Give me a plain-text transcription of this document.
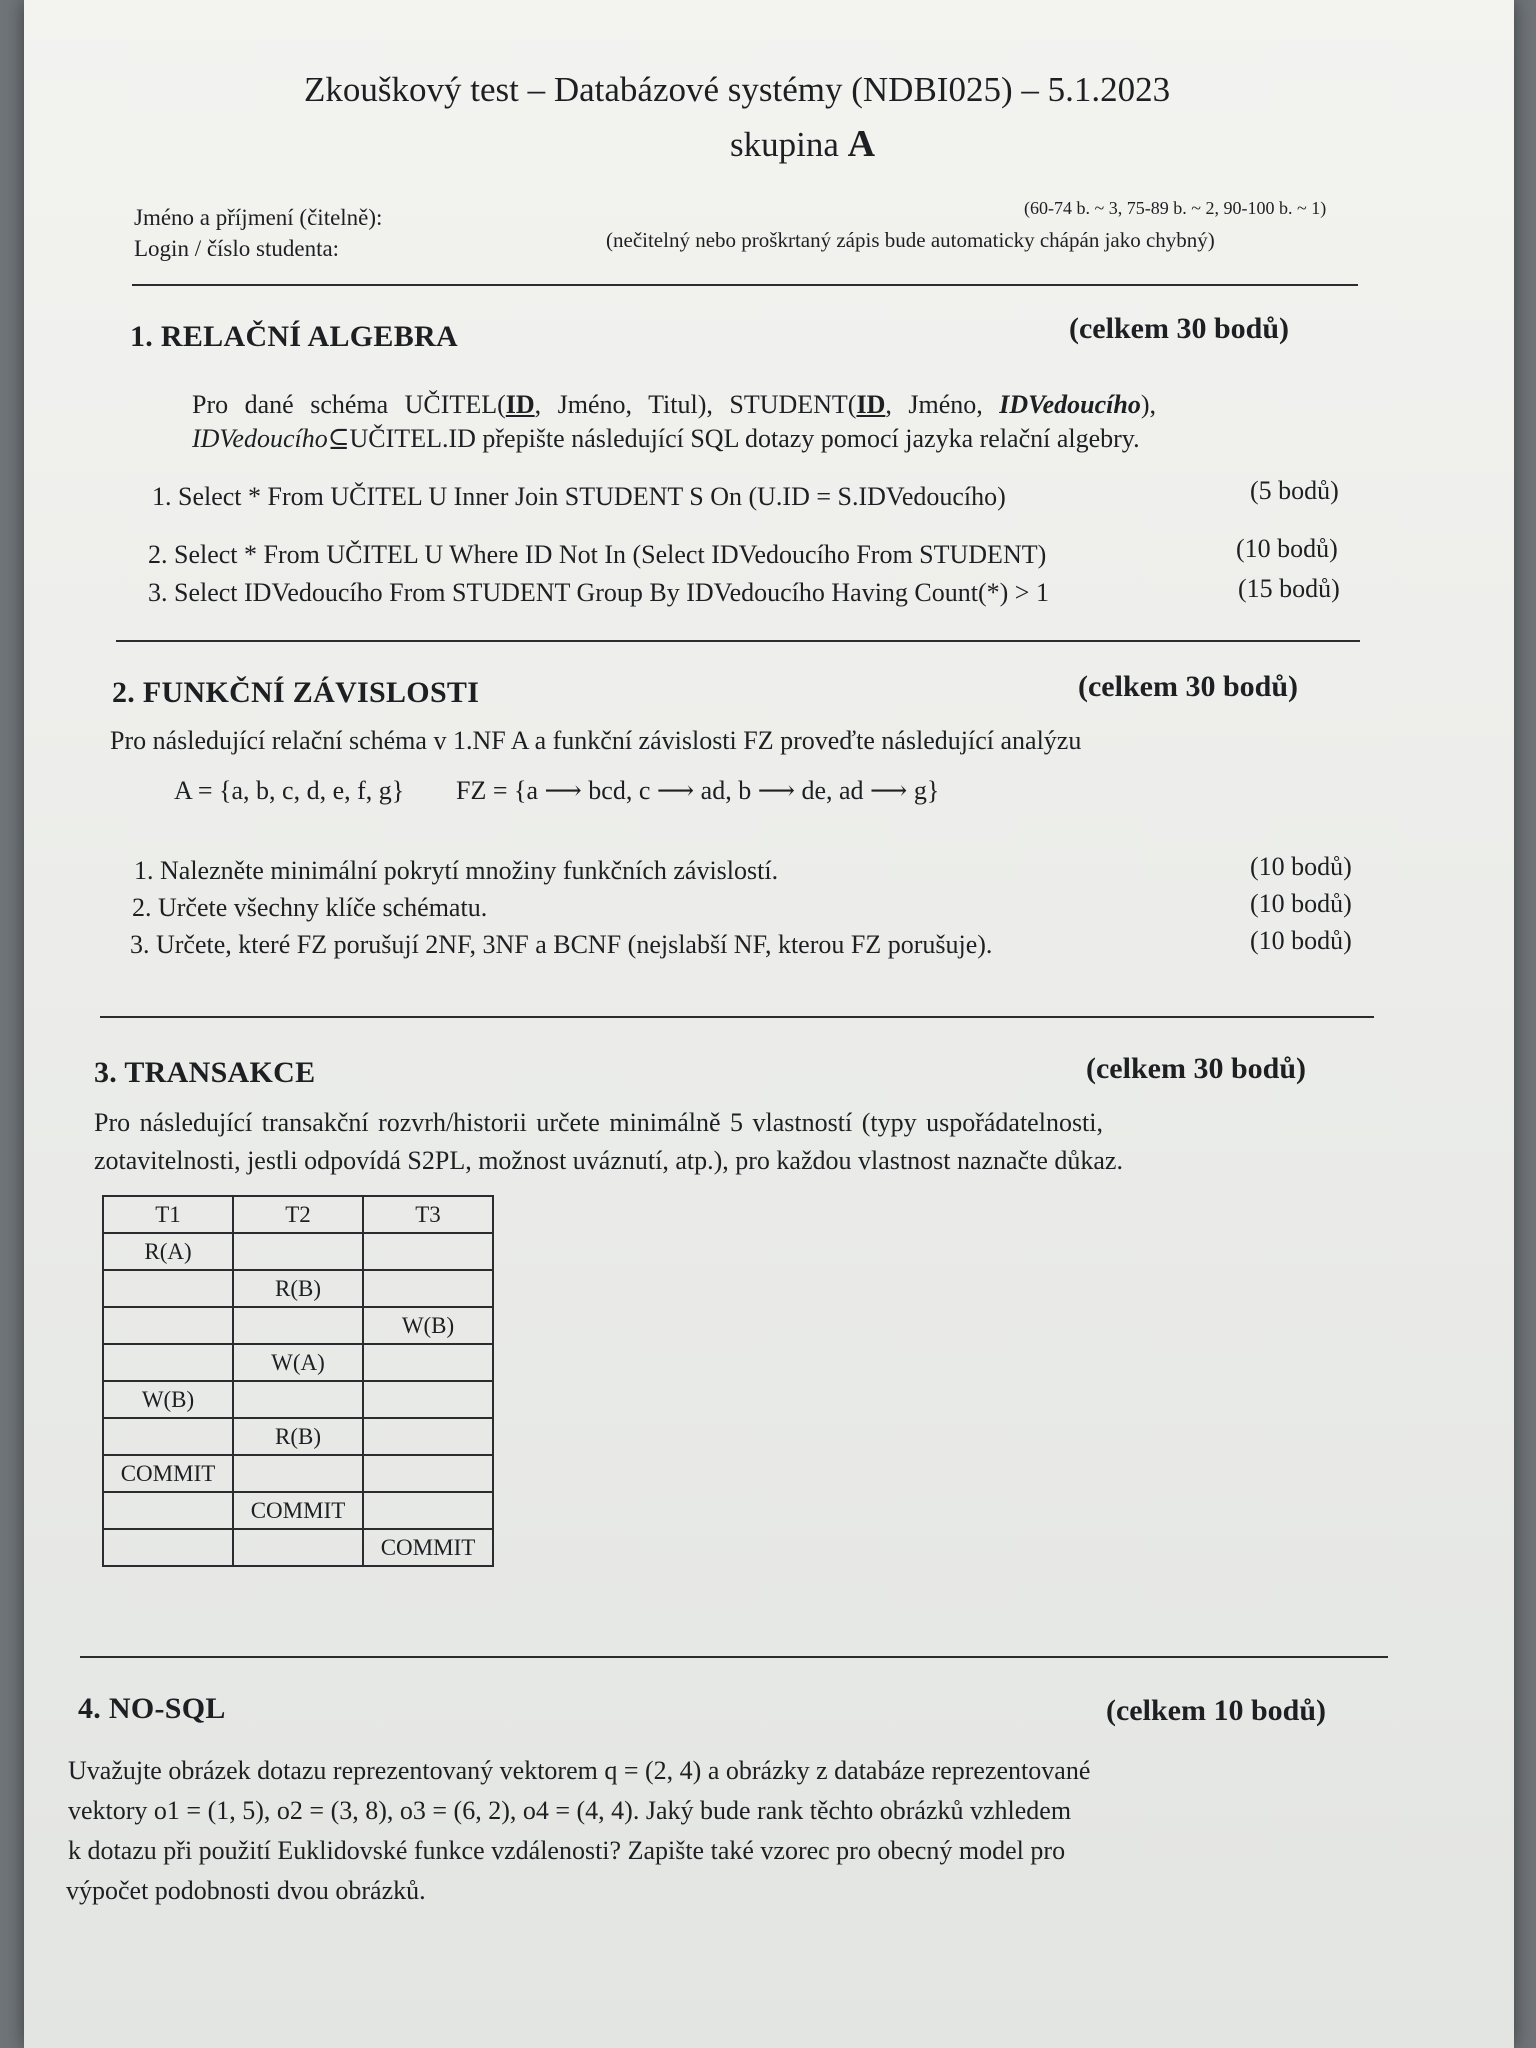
Zkouškový test – Databázové systémy (NDBI025) – 5.1.2023
skupina A
Jméno a příjmení (čitelně):
Login / číslo studenta:
(60-74 b. ~ 3, 75-89 b. ~ 2, 90-100 b. ~ 1)
(nečitelný nebo proškrtaný zápis bude automaticky chápán jako chybný)
1. RELAČNÍ ALGEBRA	(celkem 30 bodů)
Pro dané schéma UČITEL(ID, Jméno, Titul), STUDENT(ID, Jméno, IDVedoucího),
IDVedoucího⊆UČITEL.ID přepište následující SQL dotazy pomocí jazyka relační algebry.
1. Select * From UČITEL U Inner Join STUDENT S On (U.ID = S.IDVedoucího)	(5 bodů)
2. Select * From UČITEL U Where ID Not In (Select IDVedoucího From STUDENT)	(10 bodů)
3. Select IDVedoucího From STUDENT Group By IDVedoucího Having Count(*) > 1	(15 bodů)
2. FUNKČNÍ ZÁVISLOSTI	(celkem 30 bodů)
Pro následující relační schéma v 1.NF A a funkční závislosti FZ proveďte následující analýzu
A = {a, b, c, d, e, f, g} FZ = {a ⟶ bcd, c ⟶ ad, b ⟶ de, ad ⟶ g}
1. Nalezněte minimální pokrytí množiny funkčních závislostí.	(10 bodů)
2. Určete všechny klíče schématu.	(10 bodů)
3. Určete, které FZ porušují 2NF, 3NF a BCNF (nejslabší NF, kterou FZ porušuje).	(10 bodů)
3. TRANSAKCE	(celkem 30 bodů)
Pro následující transakční rozvrh/historii určete minimálně 5 vlastností (typy uspořádatelnosti,
zotavitelnosti, jestli odpovídá S2PL, možnost uváznutí, atp.), pro každou vlastnost naznačte důkaz.
T1	T2	T3
R(A)		
	R(B)	
		W(B)
	W(A)	
W(B)		
	R(B)	
COMMIT		
	COMMIT	
		COMMIT
4. NO-SQL	(celkem 10 bodů)
Uvažujte obrázek dotazu reprezentovaný vektorem q = (2, 4) a obrázky z databáze reprezentované
vektory o1 = (1, 5), o2 = (3, 8), o3 = (6, 2), o4 = (4, 4). Jaký bude rank těchto obrázků vzhledem
k dotazu při použití Euklidovské funkce vzdálenosti? Zapište také vzorec pro obecný model pro
výpočet podobnosti dvou obrázků.
